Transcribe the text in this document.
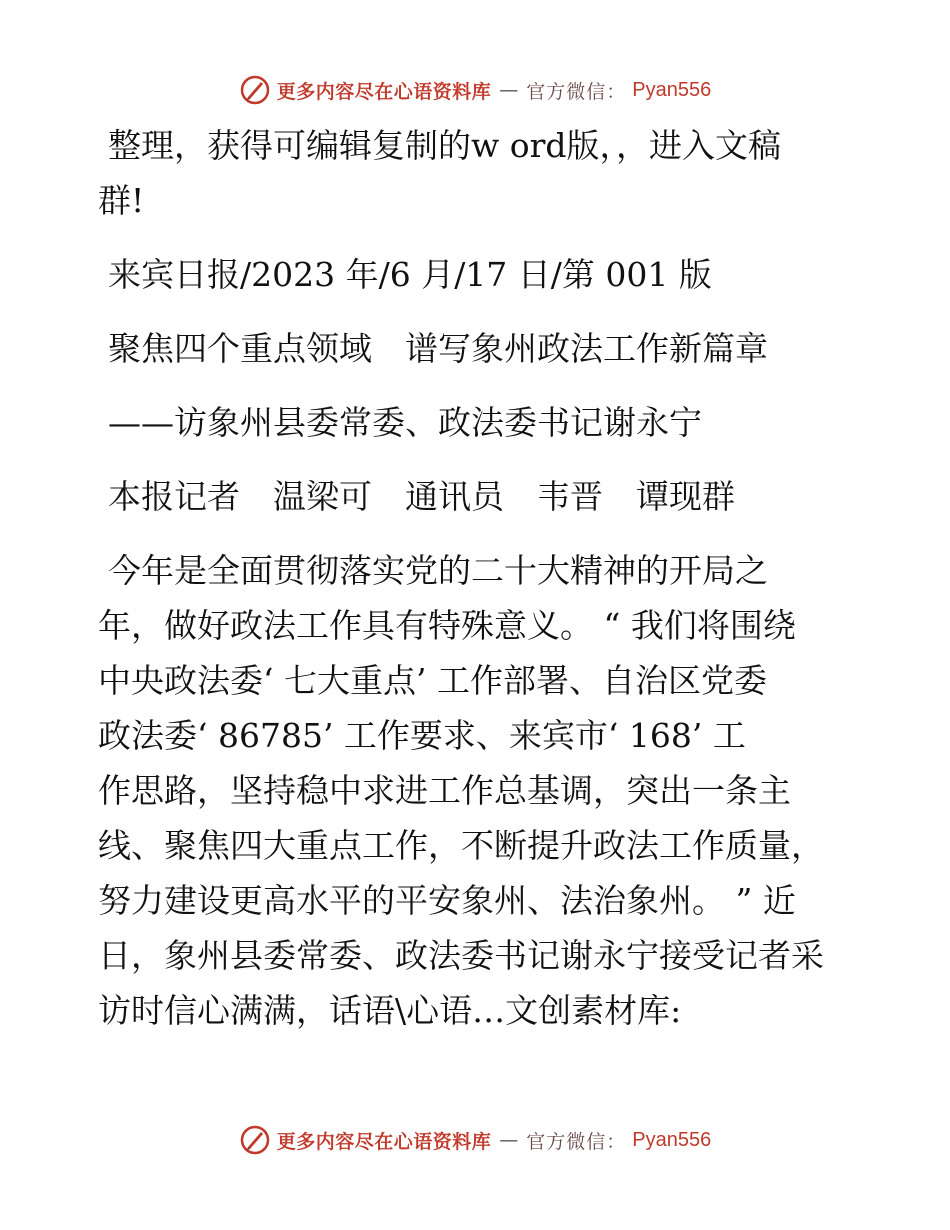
更多内容尽在心语资料库 — 官方微信： Pyan556
整理，获得可编辑复制的w ord版，，进入文稿
群!
来宾日报/2023 年/6 月/17 日/第 001 版
聚焦四个重点领域　谱写象州政法工作新篇章
——访象州县委常委、政法委书记谢永宁
本报记者　温梁可　通讯员　韦晋　谭现群
今年是全面贯彻落实党的二十大精神的开局之
年，做好政法工作具有特殊意义。 “ 我们将围绕
中央政法委‘ 七大重点’ 工作部署、自治区党委
政法委‘ 86785’ 工作要求、来宾市‘ 168’ 工
作思路，坚持稳中求进工作总基调，突出一条主
线、聚焦四大重点工作，不断提升政法工作质量，
努力建设更高水平的平安象州、法治象州。 ” 近
日，象州县委常委、政法委书记谢永宁接受记者采
访时信心满满，话语\心语…文创素材库:
更多内容尽在心语资料库 — 官方微信： Pyan556
